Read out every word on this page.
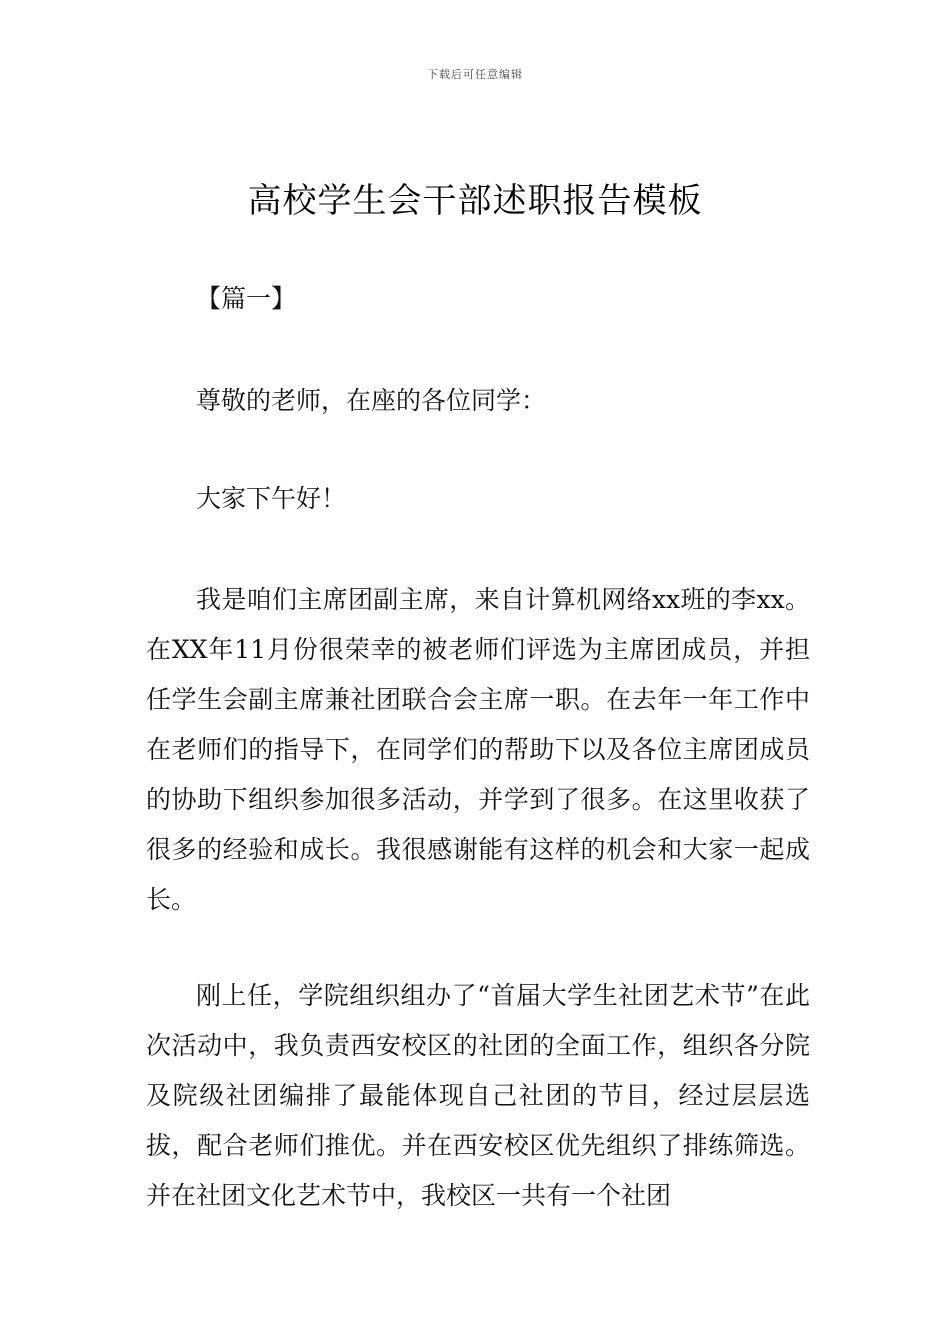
下载后可任意编辑
高校学生会干部述职报告模板
【篇一】
尊敬的老师，在座的各位同学：
大家下午好！

我是咱们主席团副主席，来自计算机网络xx班的李xx。在XX年11月份很荣幸的被老师们评选为主席团成员，并担任学生会副主席兼社团联合会主席一职。在去年一年工作中在老师们的指导下，在同学们的帮助下以及各位主席团成员的协助下组织参加很多活动，并学到了很多。在这里收获了很多的经验和成长。我很感谢能有这样的机会和大家一起成长。

刚上任，学院组织组办了“首届大学生社团艺术节”在此次活动中，我负责西安校区的社团的全面工作，组织各分院及院级社团编排了最能体现自己社团的节目，经过层层选拔，配合老师们推优。并在西安校区优先组织了排练筛选。并在社团文化艺术节中，我校区一共有一个社团
